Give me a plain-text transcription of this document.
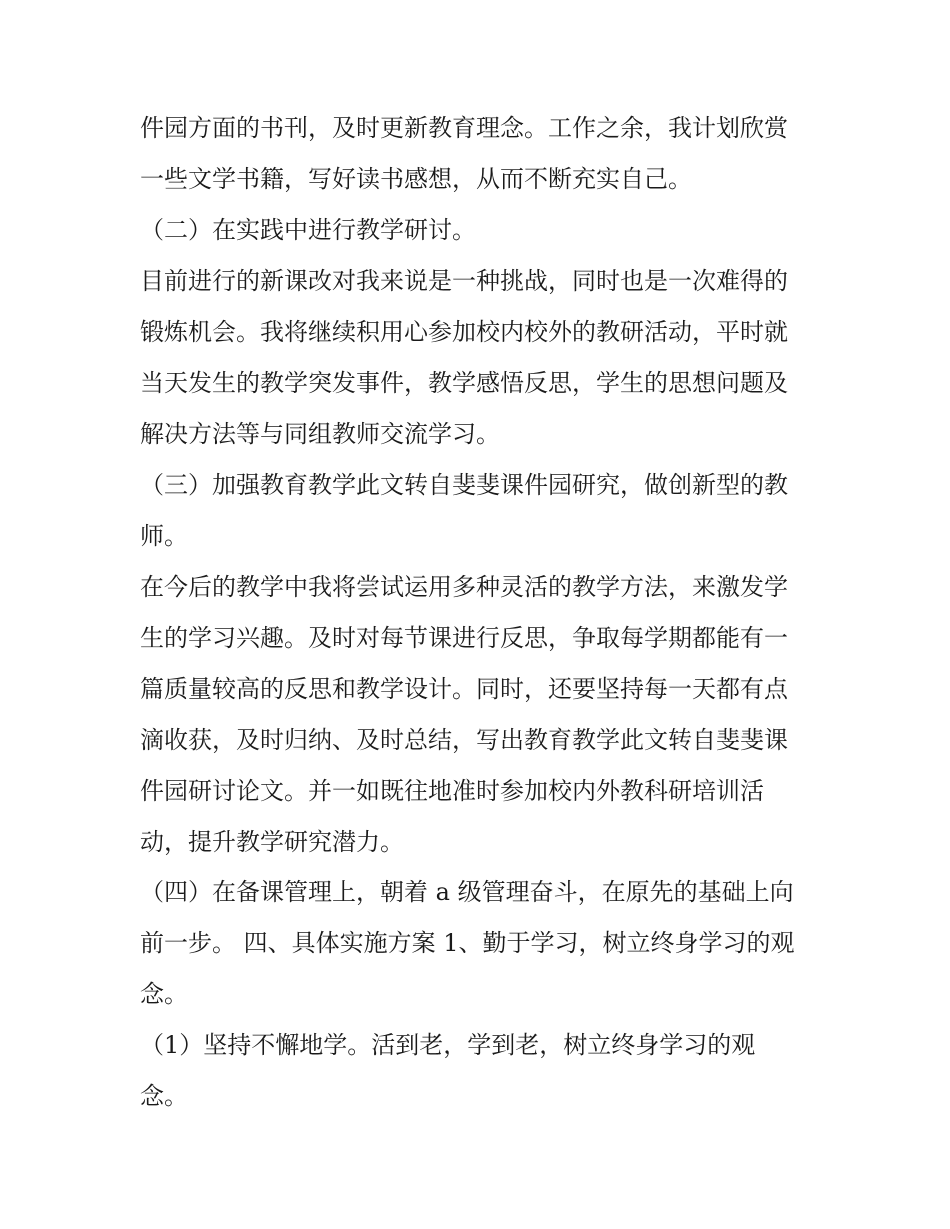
件园方面的书刊，及时更新教育理念。工作之余，我计划欣赏

一些文学书籍，写好读书感想，从而不断充实自己。

（二）在实践中进行教学研讨。

目前进行的新课改对我来说是一种挑战，同时也是一次难得的

锻炼机会。我将继续积用心参加校内校外的教研活动，平时就

当天发生的教学突发事件，教学感悟反思，学生的思想问题及

解决方法等与同组教师交流学习。

（三）加强教育教学此文转自斐斐课件园研究，做创新型的教

师。

在今后的教学中我将尝试运用多种灵活的教学方法，来激发学

生的学习兴趣。及时对每节课进行反思，争取每学期都能有一

篇质量较高的反思和教学设计。同时，还要坚持每一天都有点

滴收获，及时归纳、及时总结，写出教育教学此文转自斐斐课

件园研讨论文。并一如既往地准时参加校内外教科研培训活

动，提升教学研究潜力。

（四）在备课管理上，朝着 a 级管理奋斗，在原先的基础上向

前一步。 四、具体实施方案 1、勤于学习，树立终身学习的观

念。

（1）坚持不懈地学。活到老，学到老，树立终身学习的观

念。
